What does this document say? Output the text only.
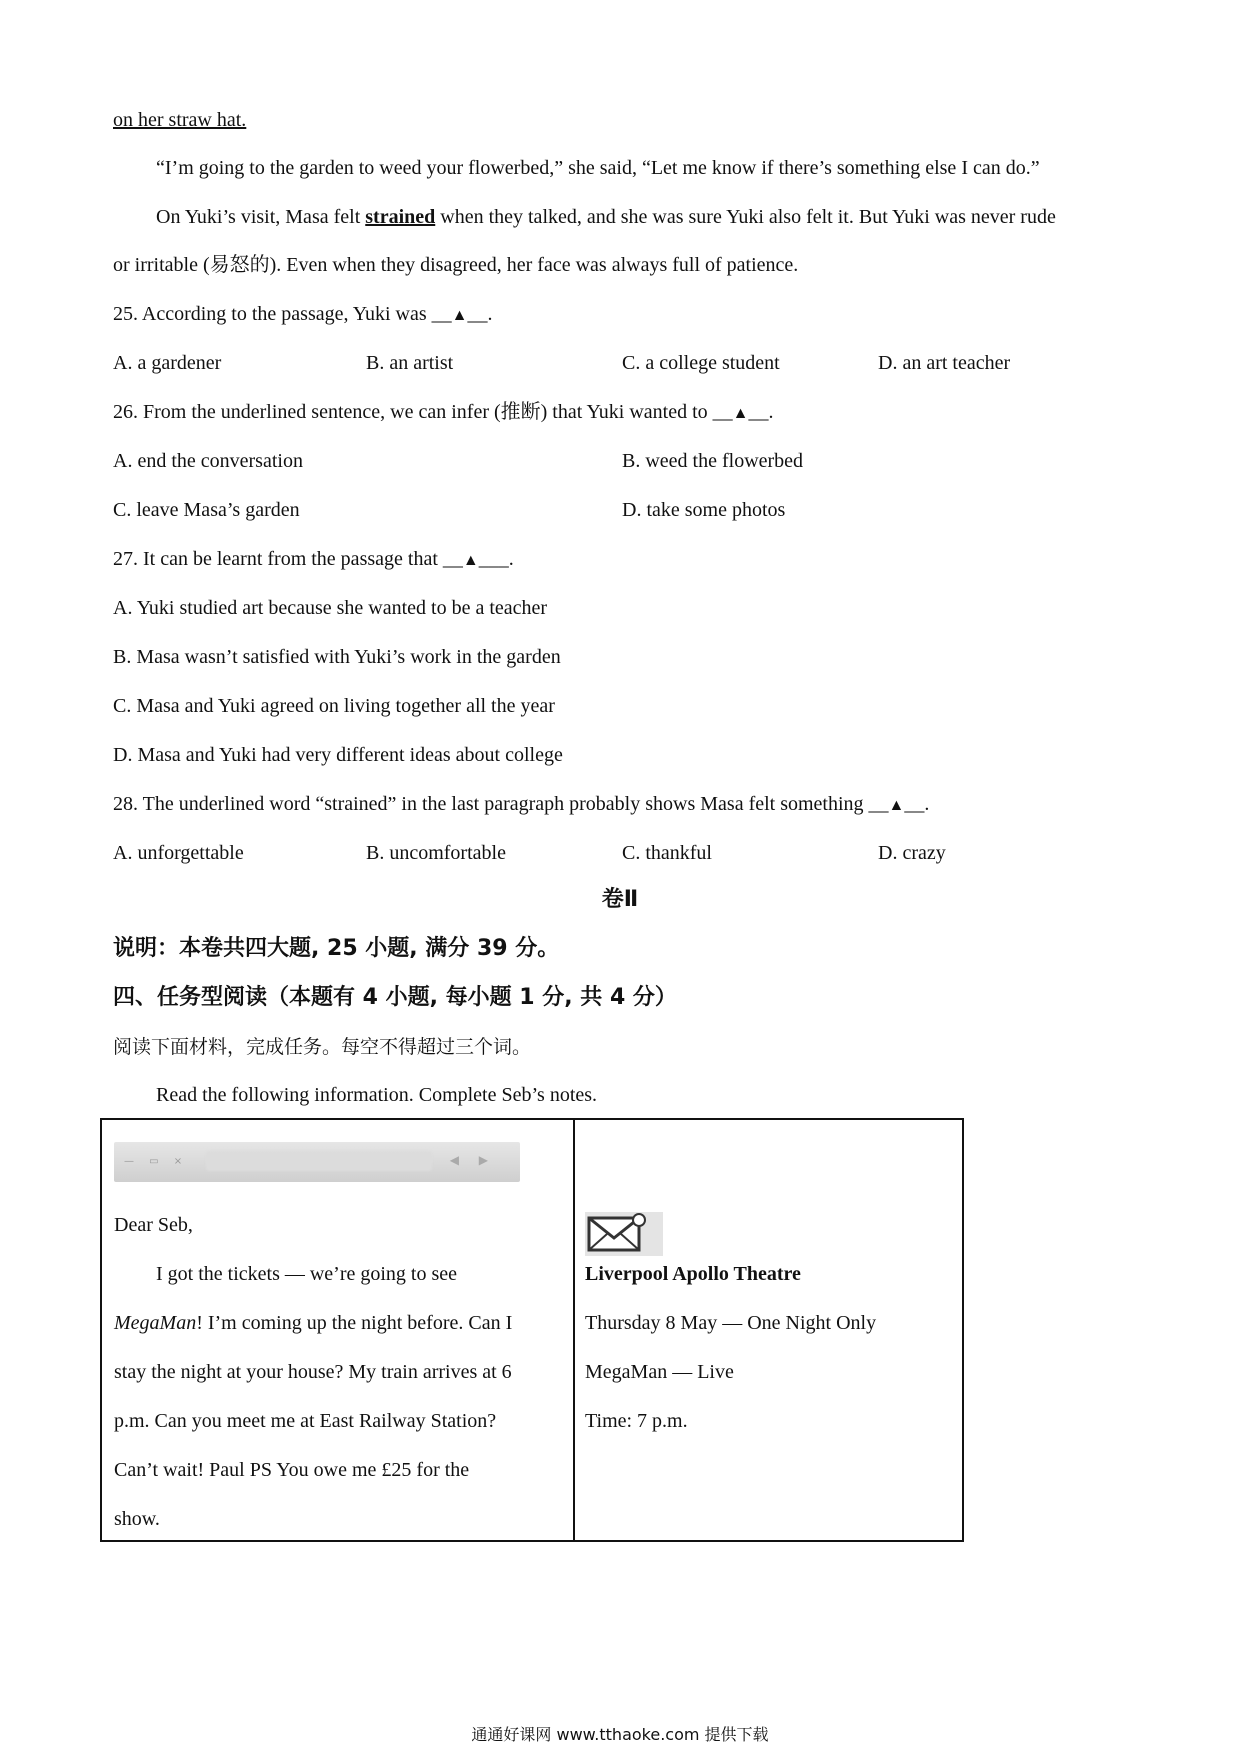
on her straw hat.
“I’m going to the garden to weed your flowerbed,” she said, “Let me know if there’s something else I can do.”
On Yuki’s visit, Masa felt strained when they talked, and she was sure Yuki also felt it. But Yuki was never rude
or irritable (易怒的). Even when they disagreed, her face was always full of patience.
25. According to the passage, Yuki was __▲__.
A. a gardener	B. an artist	C. a college student	D. an art teacher
26. From the underlined sentence, we can infer (推断) that Yuki wanted to __▲__.
A. end the conversation	B. weed the flowerbed
C. leave Masa’s garden	D. take some photos
27. It can be learnt from the passage that __▲___.
A. Yuki studied art because she wanted to be a teacher
B. Masa wasn’t satisfied with Yuki’s work in the garden
C. Masa and Yuki agreed on living together all the year
D. Masa and Yuki had very different ideas about college
28. The underlined word “strained” in the last paragraph probably shows Masa felt something __▲__.
A. unforgettable	B. uncomfortable	C. thankful	D. crazy
卷Ⅱ
说明：本卷共四大题, 25 小题, 满分 39 分。
四、任务型阅读（本题有 4 小题, 每小题 1 分, 共 4 分）
阅读下面材料，完成任务。每空不得超过三个词。
Read the following information. Complete Seb’s notes.
— ▭ ×	◀ ▶
Dear Seb,
I got the tickets — we’re going to see
MegaMan! I’m coming up the night before. Can I
stay the night at your house? My train arrives at 6
p.m. Can you meet me at East Railway Station?
Can’t wait! Paul PS You owe me £25 for the
show.
Liverpool Apollo Theatre
Thursday 8 May — One Night Only
MegaMan — Live
Time: 7 p.m.
通通好课网 www.tthaoke.com 提供下载
